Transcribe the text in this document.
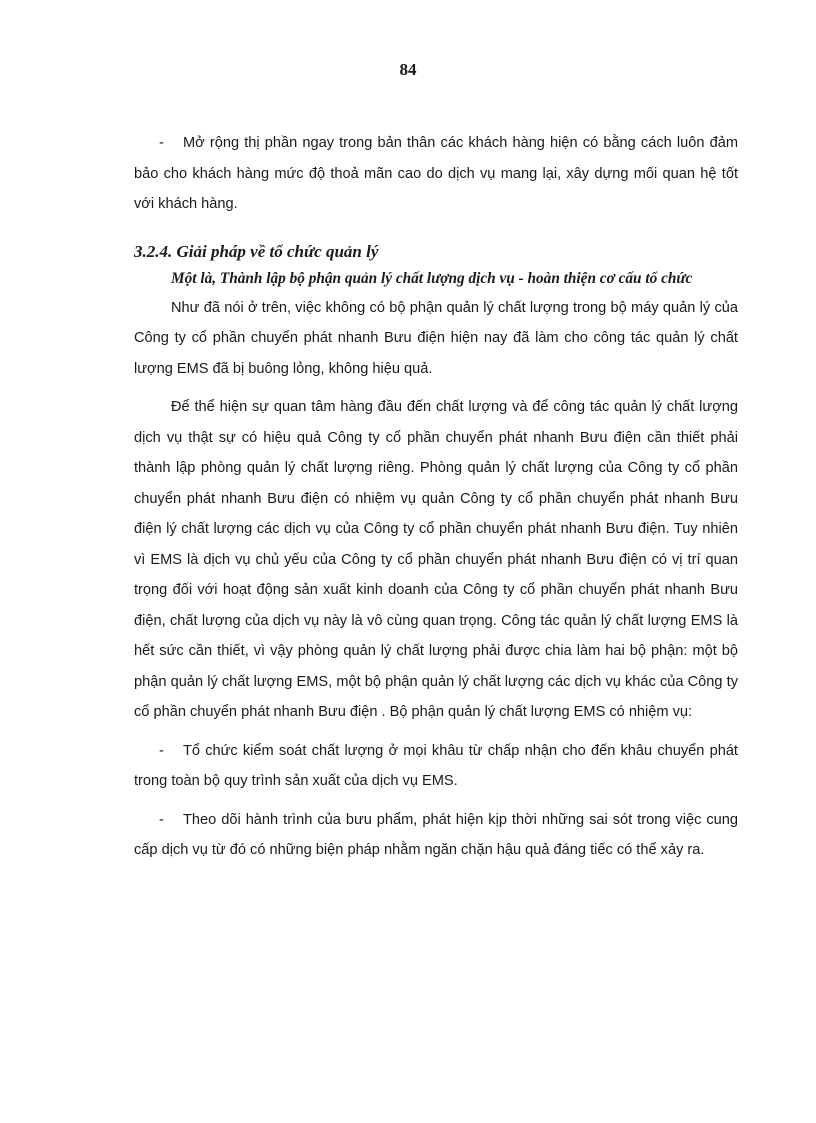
84

- Mở rộng thị phần ngay trong bản thân các khách hàng hiện có bằng cách luôn đảm bảo cho khách hàng mức độ thoả mãn cao do dịch vụ mang lại, xây dựng mối quan hệ tốt với khách hàng.

3.2.4. Giải pháp về tổ chức quản lý

Một là, Thành lập bộ phận quản lý chất lượng dịch vụ - hoàn thiện cơ cấu tổ chức

Như đã nói ở trên, việc không có bộ phận quản lý chất lượng trong bộ máy quản lý của Công ty cổ phần chuyển phát nhanh Bưu điện hiện nay đã làm cho công tác quản lý chất lượng EMS đã bị buông lỏng, không hiệu quả.

Để thể hiện sự quan tâm hàng đầu đến chất lượng và để công tác quản lý chất lượng dịch vụ thật sự có hiệu quả Công ty cổ phần chuyển phát nhanh Bưu điện cần thiết phải thành lập phòng quản lý chất lượng riêng. Phòng quản lý chất lượng của Công ty cổ phần chuyển phát nhanh Bưu điện có nhiệm vụ quản Công ty cổ phần chuyển phát nhanh Bưu điện lý chất lượng các dịch vụ của Công ty cổ phần chuyển phát nhanh Bưu điện. Tuy nhiên vì EMS là dịch vụ chủ yếu của Công ty cổ phần chuyển phát nhanh Bưu điện có vị trí quan trọng đối với hoạt động sản xuất kinh doanh của Công ty cổ phần chuyển phát nhanh Bưu điện, chất lượng của dịch vụ này là vô cùng quan trọng. Công tác quản lý chất lượng EMS là hết sức cần thiết, vì vậy phòng quản lý chất lượng phải được chia làm hai bộ phận: một bộ phận quản lý chất lượng EMS, một bộ phận quản lý chất lượng các dịch vụ khác của Công ty cổ phần chuyển phát nhanh Bưu điện . Bộ phận quản lý chất lượng EMS có nhiệm vụ:

- Tổ chức kiểm soát chất lượng ở mọi khâu từ chấp nhận cho đến khâu chuyển phát trong toàn bộ quy trình sản xuất của dịch vụ EMS.

- Theo dõi hành trình của bưu phẩm, phát hiện kịp thời những sai sót trong việc cung cấp dịch vụ từ đó có những biện pháp nhằm ngăn chặn hậu quả đáng tiếc có thể xảy ra.
